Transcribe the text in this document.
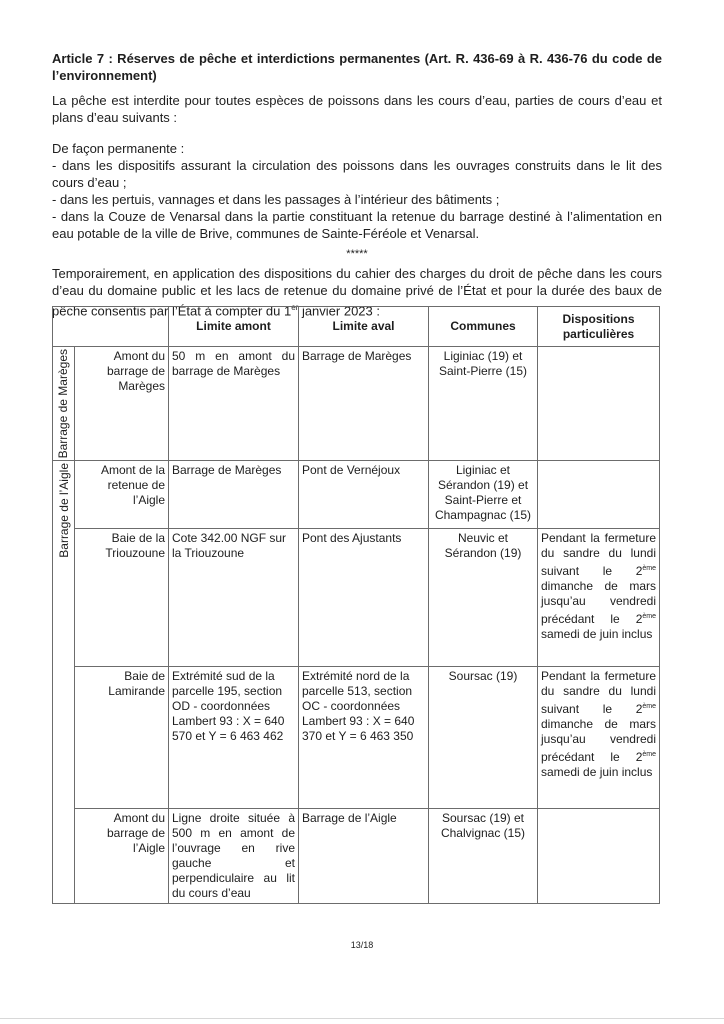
Article 7 : Réserves de pêche et interdictions permanentes (Art. R. 436-69 à R. 436-76 du code de l’environnement)

La pêche est interdite pour toutes espèces de poissons dans les cours d’eau, parties de cours d’eau et plans d’eau suivants :

De façon permanente :

- dans les dispositifs assurant la circulation des poissons dans les ouvrages construits dans le lit des cours d’eau ;

- dans les pertuis, vannages et dans les passages à l’intérieur des bâtiments ;

- dans la Couze de Venarsal dans la partie constituant la retenue du barrage destiné à l’alimentation en eau potable de la ville de Brive, communes de Sainte-Féréole et Venarsal.

*****

Temporairement, en application des dispositions du cahier des charges du droit de pêche dans les cours d’eau du domaine public et les lacs de retenue du domaine privé de l’État et pour la durée des baux de pêche consentis par l’État à compter du 1er janvier 2023 :

		Limite amont	Limite aval	Communes	Dispositions particulières

Barrage de Marèges	Amont du barrage de Marèges	50 m en amont du barrage de Marèges	Barrage de Marèges	Liginiac (19) et Saint-Pierre (15)	

Barrage de l’Aigle	Amont de la retenue de l’Aigle	Barrage de Marèges	Pont de Vernéjoux	Liginiac et Sérandon (19) et Saint-Pierre et Champagnac (15)	
	Baie de la Triouzoune	Cote 342.00 NGF sur la Triouzoune	Pont des Ajustants	Neuvic et Sérandon (19)	Pendant la fermeture du sandre du lundi suivant le 2ème dimanche de mars jusqu’au vendredi précédant le 2ème samedi de juin inclus
	Baie de Lamirande	Extrémité sud de la parcelle 195, section OD - coordonnées Lambert 93 : X = 640 570 et Y = 6 463 462	Extrémité nord de la parcelle 513, section OC - coordonnées Lambert 93 : X = 640 370 et Y = 6 463 350	Soursac (19)	Pendant la fermeture du sandre du lundi suivant le 2ème dimanche de mars jusqu’au vendredi précédant le 2ème samedi de juin inclus
	Amont du barrage de l’Aigle	Ligne droite située à 500 m en amont de l’ouvrage en rive gauche et perpendiculaire au lit du cours d’eau	Barrage de l’Aigle	Soursac (19) et Chalvignac (15)	
13/18
